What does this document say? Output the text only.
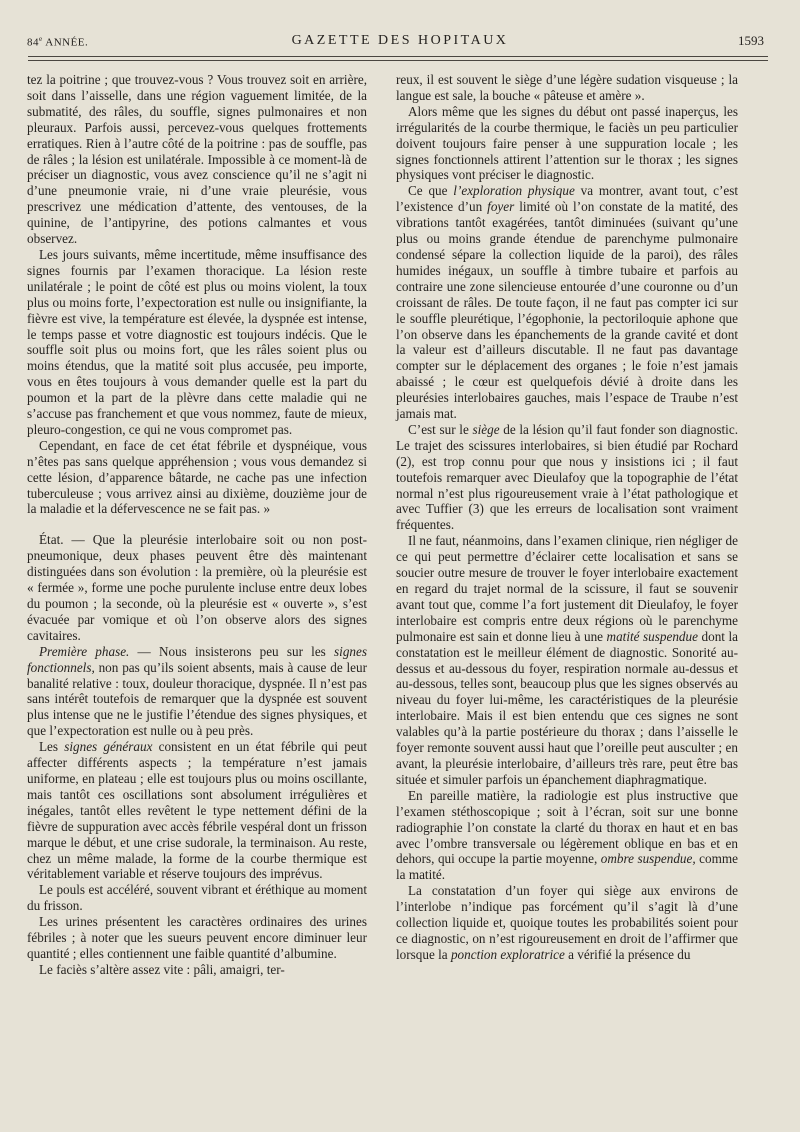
84e ANNÉE.	GAZETTE DES HOPITAUX	1593

tez la poitrine ; que trouvez-vous ? Vous trouvez soit en arrière, soit dans l’aisselle, dans une région vaguement limitée, de la submatité, des râles, du souffle, signes pulmonaires et non pleuraux. Parfois aussi, percevez-vous quelques frottements erratiques. Rien à l’autre côté de la poitrine : pas de souffle, pas de râles ; la lésion est unilatérale. Impossible à ce moment-là de préciser un diagnostic, vous avez conscience qu’il ne s’agit ni d’une pneumonie vraie, ni d’une vraie pleurésie, vous prescrivez une médication d’attente, des ventouses, de la quinine, de l’antipyrine, des potions calmantes et vous observez.

Les jours suivants, même incertitude, même insuffisance des signes fournis par l’examen thoracique. La lésion reste unilatérale ; le point de côté est plus ou moins violent, la toux plus ou moins forte, l’expectoration est nulle ou insignifiante, la fièvre est vive, la température est élevée, la dyspnée est intense, le temps passe et votre diagnostic est toujours indécis. Que le souffle soit plus ou moins fort, que les râles soient plus ou moins étendus, que la matité soit plus accusée, peu importe, vous en êtes toujours à vous demander quelle est la part du poumon et la part de la plèvre dans cette maladie qui ne s’accuse pas franchement et que vous nommez, faute de mieux, pleuro-congestion, ce qui ne vous compromet pas.

Cependant, en face de cet état fébrile et dyspnéique, vous n’êtes pas sans quelque appréhension ; vous vous demandez si cette lésion, d’apparence bâtarde, ne cache pas une infection tuberculeuse ; vous arrivez ainsi au dixième, douzième jour de la maladie et la défervescence ne se fait pas. »

État. — Que la pleurésie interlobaire soit ou non post-pneumonique, deux phases peuvent être dès maintenant distinguées dans son évolution : la première, où la pleurésie est « fermée », forme une poche purulente incluse entre deux lobes du poumon ; la seconde, où la pleurésie est « ouverte », s’est évacuée par vomique et où l’on observe alors des signes cavitaires.

Première phase. — Nous insisterons peu sur les signes fonctionnels, non pas qu’ils soient absents, mais à cause de leur banalité relative : toux, douleur thoracique, dyspnée. Il n’est pas sans intérêt toutefois de remarquer que la dyspnée est souvent plus intense que ne le justifie l’étendue des signes physiques, et que l’expectoration est nulle ou à peu près.

Les signes généraux consistent en un état fébrile qui peut affecter différents aspects ; la température n’est jamais uniforme, en plateau ; elle est toujours plus ou moins oscillante, mais tantôt ces oscillations sont absolument irrégulières et inégales, tantôt elles revêtent le type nettement défini de la fièvre de suppuration avec accès fébrile vespéral dont un frisson marque le début, et une crise sudorale, la terminaison. Au reste, chez un même malade, la forme de la courbe thermique est véritablement variable et réserve toujours des imprévus.

Le pouls est accéléré, souvent vibrant et éréthique au moment du frisson.

Les urines présentent les caractères ordinaires des urines fébriles ; à noter que les sueurs peuvent encore diminuer leur quantité ; elles contiennent une faible quantité d’albumine.

Le faciès s’altère assez vite : pâli, amaigri, ter-

reux, il est souvent le siège d’une légère sudation visqueuse ; la langue est sale, la bouche « pâteuse et amère ».

Alors même que les signes du début ont passé inaperçus, les irrégularités de la courbe thermique, le faciès un peu particulier doivent toujours faire penser à une suppuration locale ; les signes fonctionnels attirent l’attention sur le thorax ; les signes physiques vont préciser le diagnostic.

Ce que l’exploration physique va montrer, avant tout, c’est l’existence d’un foyer limité où l’on constate de la matité, des vibrations tantôt exagérées, tantôt diminuées (suivant qu’une plus ou moins grande étendue de parenchyme pulmonaire condensé sépare la collection liquide de la paroi), des râles humides inégaux, un souffle à timbre tubaire et parfois au contraire une zone silencieuse entourée d’une couronne ou d’un croissant de râles. De toute façon, il ne faut pas compter ici sur le souffle pleurétique, l’égophonie, la pectoriloquie aphone que l’on observe dans les épanchements de la grande cavité et dont la valeur est d’ailleurs discutable. Il ne faut pas davantage compter sur le déplacement des organes ; le foie n’est jamais abaissé ; le cœur est quelquefois dévié à droite dans les pleurésies interlobaires gauches, mais l’espace de Traube n’est jamais mat.

C’est sur le siège de la lésion qu’il faut fonder son diagnostic. Le trajet des scissures interlobaires, si bien étudié par Rochard (2), est trop connu pour que nous y insistions ici ; il faut toutefois remarquer avec Dieulafoy que la topographie de l’état normal n’est plus rigoureusement vraie à l’état pathologique et avec Tuffier (3) que les erreurs de localisation sont vraiment fréquentes.

Il ne faut, néanmoins, dans l’examen clinique, rien négliger de ce qui peut permettre d’éclairer cette localisation et sans se soucier outre mesure de trouver le foyer interlobaire exactement en regard du trajet normal de la scissure, il faut se souvenir avant tout que, comme l’a fort justement dit Dieulafoy, le foyer interlobaire est compris entre deux régions où le parenchyme pulmonaire est sain et donne lieu à une matité suspendue dont la constatation est le meilleur élément de diagnostic. Sonorité au-dessus et au-dessous du foyer, respiration normale au-dessus et au-dessous, telles sont, beaucoup plus que les signes observés au niveau du foyer lui-même, les caractéristiques de la pleurésie interlobaire. Mais il est bien entendu que ces signes ne sont valables qu’à la partie postérieure du thorax ; dans l’aisselle le foyer remonte souvent aussi haut que l’oreille peut ausculter ; en avant, la pleurésie interlobaire, d’ailleurs très rare, peut être bas située et simuler parfois un épanchement diaphragmatique.

En pareille matière, la radiologie est plus instructive que l’examen stéthoscopique ; soit à l’écran, soit sur une bonne radiographie l’on constate la clarté du thorax en haut et en bas avec l’ombre transversale ou légèrement oblique en bas et en dehors, qui occupe la partie moyenne, ombre suspendue, comme la matité.

La constatation d’un foyer qui siège aux environs de l’interlobe n’indique pas forcément qu’il s’agit là d’une collection liquide et, quoique toutes les probabilités soient pour ce diagnostic, on n’est rigoureusement en droit de l’affirmer que lorsque la ponction exploratrice a vérifié la présence du
